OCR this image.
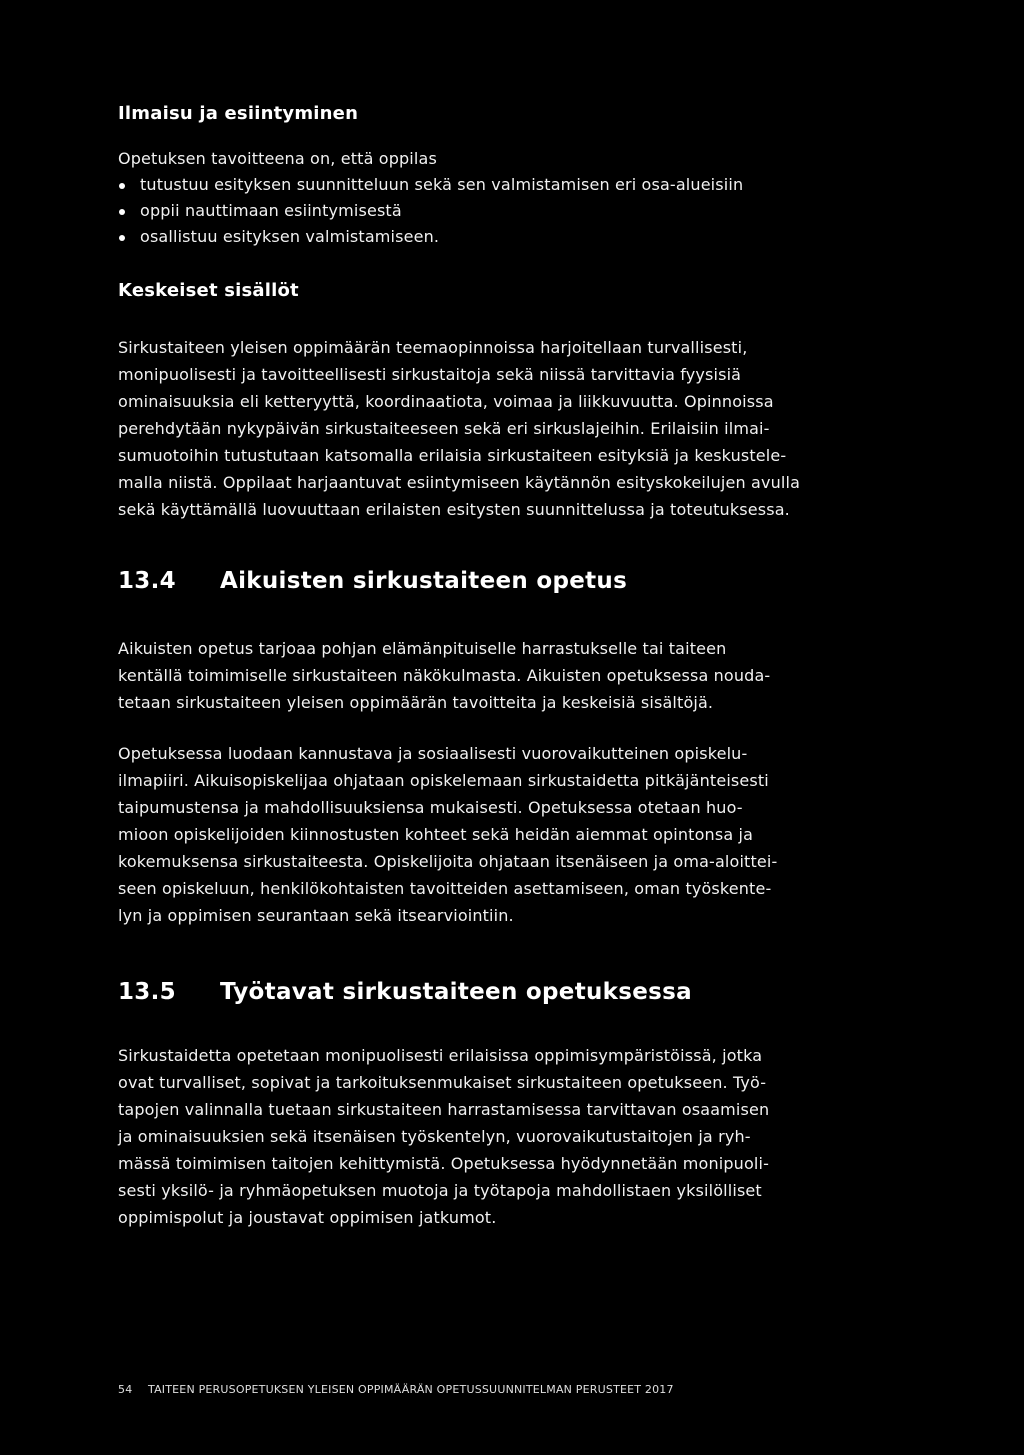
Ilmaisu ja esiintyminen

Opetuksen tavoitteena on, että oppilas

tutustuu esityksen suunnitteluun sekä sen valmistamisen eri osa-alueisiin
oppii nauttimaan esiintymisestä
osallistuu esityksen valmistamiseen.
Keskeiset sisällöt

Sirkustaiteen yleisen oppimäärän teemaopinnoissa harjoitellaan turvallisesti,
monipuolisesti ja tavoitteellisesti sirkustaitoja sekä niissä tarvittavia fyysisiä
ominaisuuksia eli ketteryyttä, koordinaatiota, voimaa ja liikkuvuutta. Opinnoissa
perehdytään nykypäivän sirkustaiteeseen sekä eri sirkuslajeihin. Erilaisiin ilmai-
sumuotoihin tutustutaan katsomalla erilaisia sirkustaiteen esityksiä ja keskustele-
malla niistä. Oppilaat harjaantuvat esiintymiseen käytännön esityskokeilujen avulla
sekä käyttämällä luovuuttaan erilaisten esitysten suunnittelussa ja toteutuksessa.

13.4 Aikuisten sirkustaiteen opetus

Aikuisten opetus tarjoaa pohjan elämänpituiselle harrastukselle tai taiteen
kentällä toimimiselle sirkustaiteen näkökulmasta. Aikuisten opetuksessa nouda-
tetaan sirkustaiteen yleisen oppimäärän tavoitteita ja keskeisiä sisältöjä.

Opetuksessa luodaan kannustava ja sosiaalisesti vuorovaikutteinen opiskelu-
ilmapiiri. Aikuisopiskelijaa ohjataan opiskelemaan sirkustaidetta pitkäjänteisesti
taipumustensa ja mahdollisuuksiensa mukaisesti. Opetuksessa otetaan huo-
mioon opiskelijoiden kiinnostusten kohteet sekä heidän aiemmat opintonsa ja
kokemuksensa sirkustaiteesta. Opiskelijoita ohjataan itsenäiseen ja oma-aloittei-
seen opiskeluun, henkilökohtaisten tavoitteiden asettamiseen, oman työskente-
lyn ja oppimisen seurantaan sekä itsearviointiin.

13.5 Työtavat sirkustaiteen opetuksessa

Sirkustaidetta opetetaan monipuolisesti erilaisissa oppimisympäristöissä, jotka
ovat turvalliset, sopivat ja tarkoituksenmukaiset sirkustaiteen opetukseen. Työ-
tapojen valinnalla tuetaan sirkustaiteen harrastamisessa tarvittavan osaamisen
ja ominaisuuksien sekä itsenäisen työskentelyn, vuorovaikutustaitojen ja ryh-
mässä toimimisen taitojen kehittymistä. Opetuksessa hyödynnetään monipuoli-
sesti yksilö- ja ryhmäopetuksen muotoja ja työtapoja mahdollistaen yksilölliset
oppimispolut ja joustavat oppimisen jatkumot.

54 TAITEEN PERUSOPETUKSEN YLEISEN OPPIMÄÄRÄN OPETUSSUUNNITELMAN PERUSTEET 2017
